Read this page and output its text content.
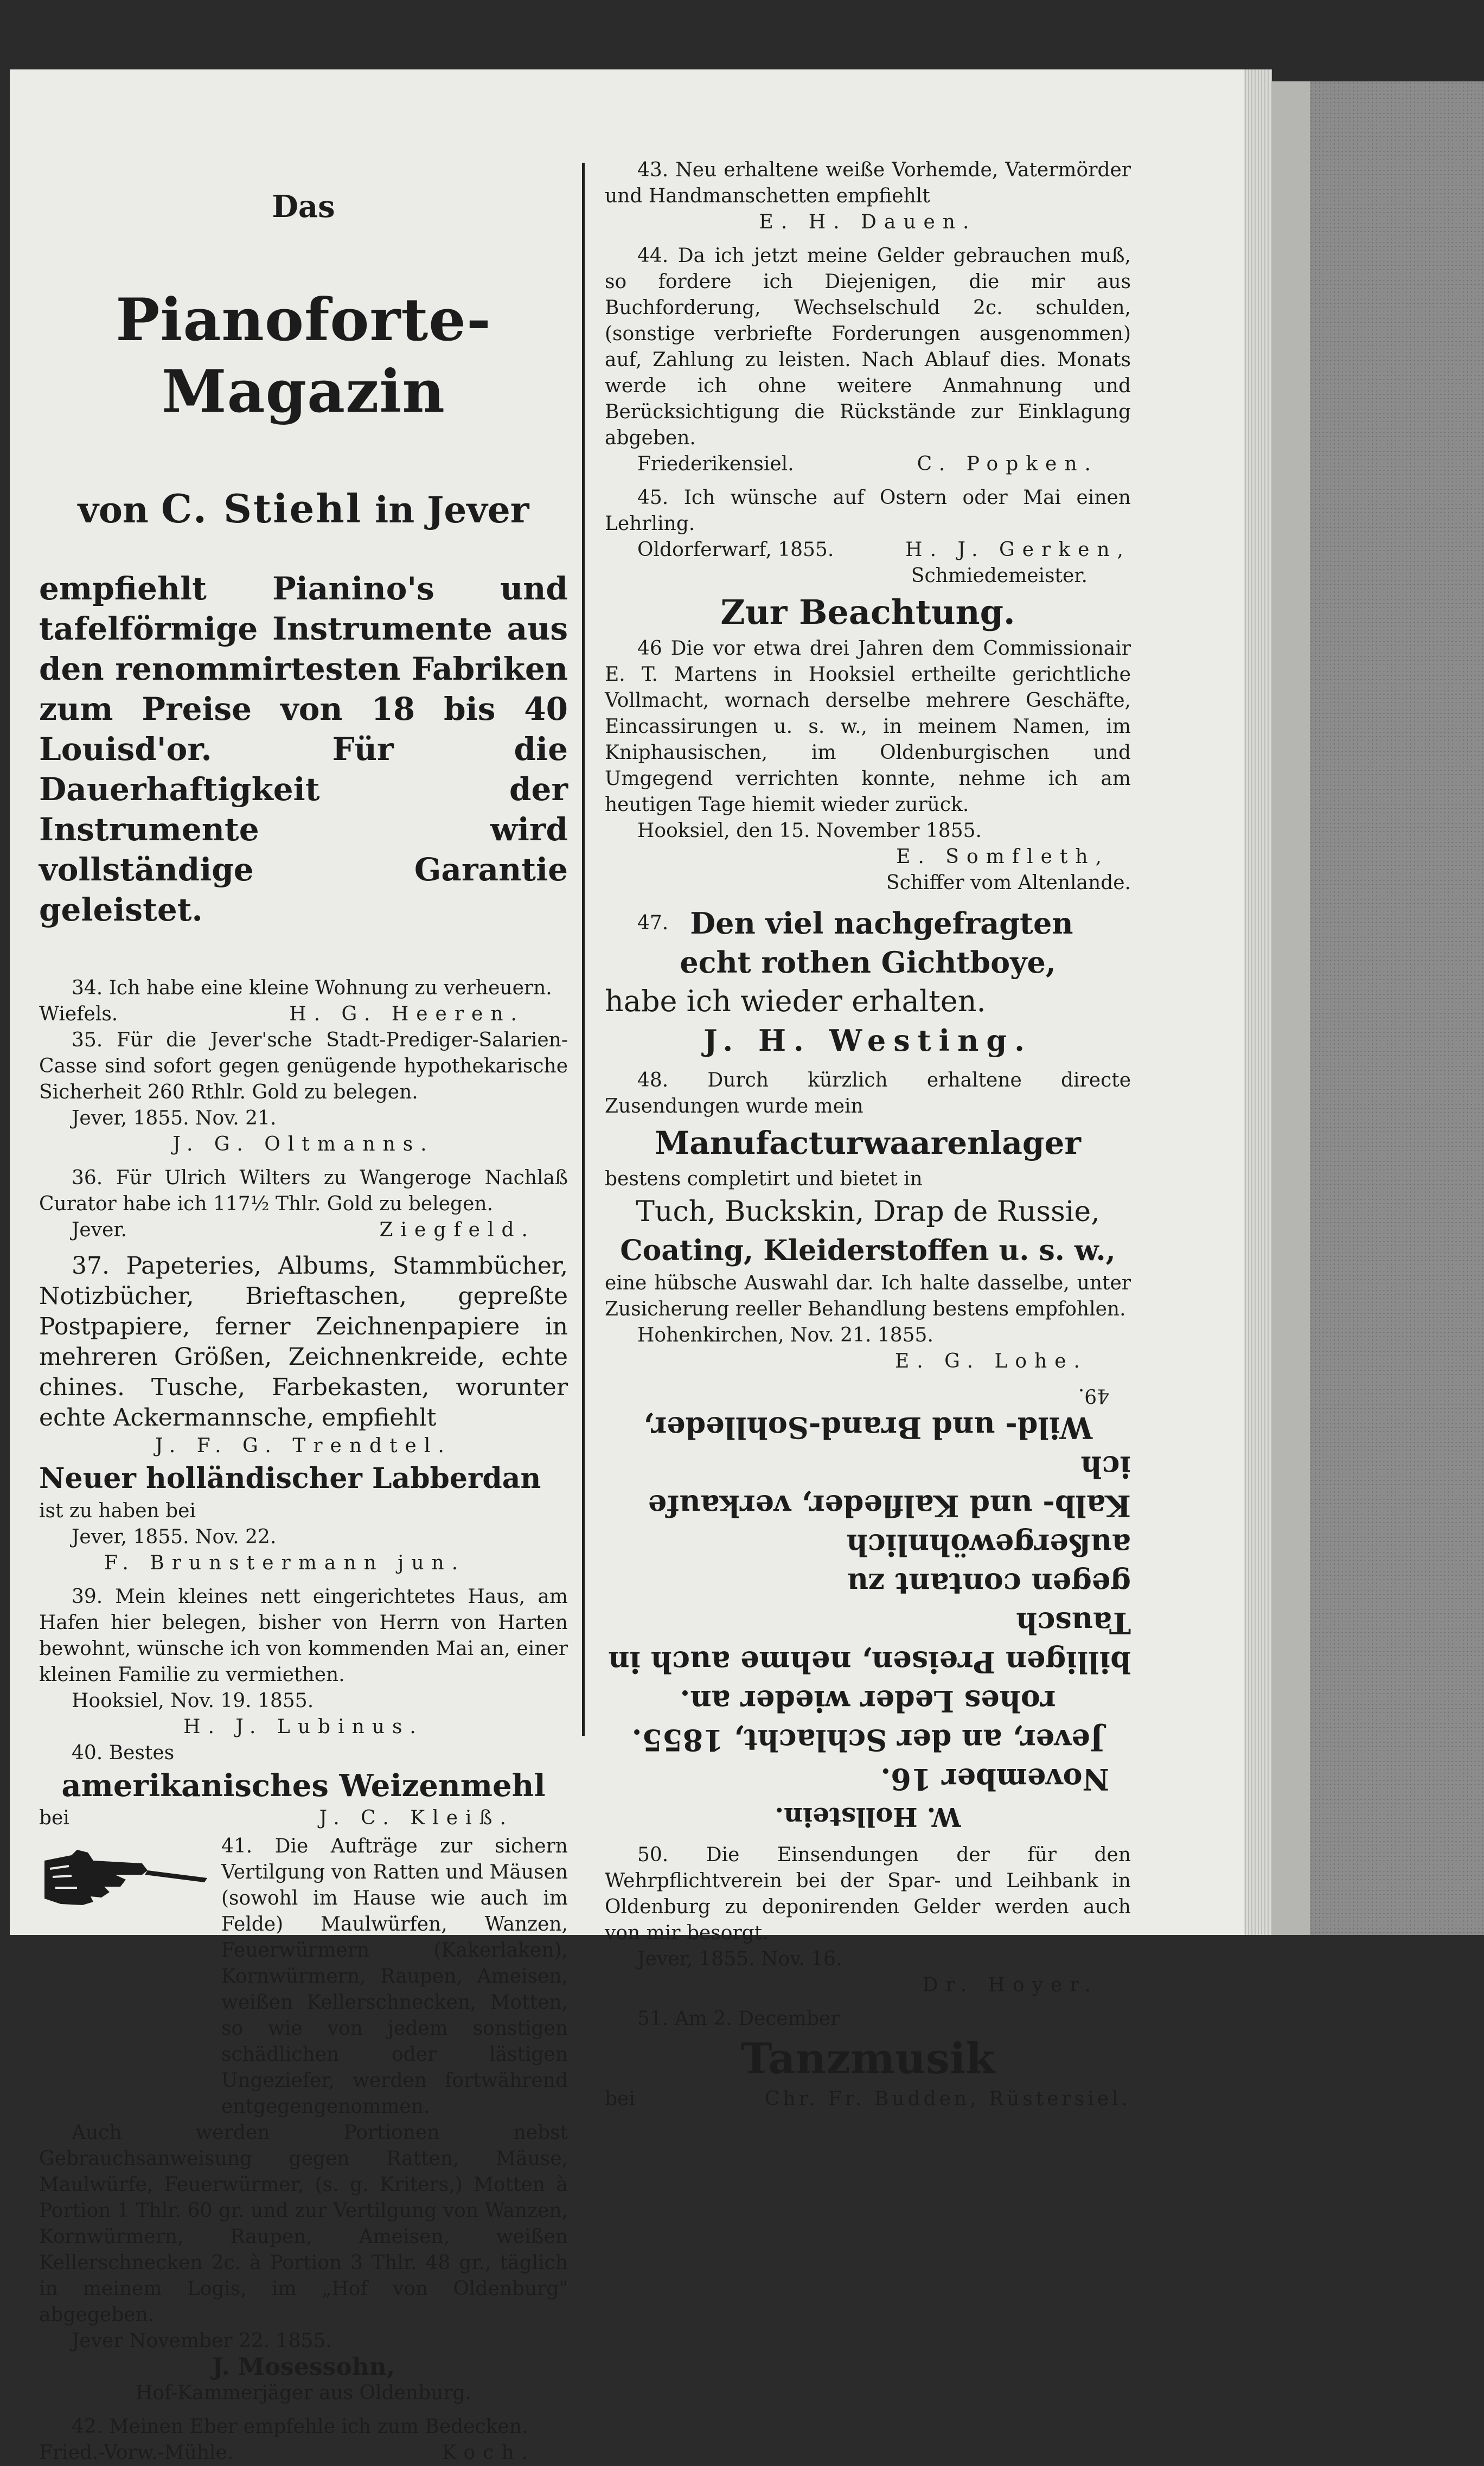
Das

Pianoforte-Magazin

von C. Stiehl in Jever

empfiehlt Pianino's und tafelförmige Instrumente aus den renommirtesten Fabriken zum Preise von 18 bis 40 Louisd'or. Für die Dauerhaftigkeit der Instrumente wird vollständige Garantie geleistet.

34. Ich habe eine kleine Wohnung zu verheuern.

Wiefels.	H. G. Heeren.

35. Für die Jever'sche Stadt-Prediger-Salarien-Casse sind sofort gegen genügende hypothekarische Sicherheit 260 Rthlr. Gold zu belegen.

Jever, 1855. Nov. 21.

J. G. Oltmanns.

36. Für Ulrich Wilters zu Wangeroge Nachlaß Curator habe ich 117½ Thlr. Gold zu belegen.

Jever.	Ziegfeld.

37. Papeteries, Albums, Stammbücher, Notizbücher, Brieftaschen, gepreßte Postpapiere, ferner Zeichnenpapiere in mehreren Größen, Zeichnenkreide, echte chines. Tusche, Farbekasten, worunter echte Ackermannsche, empfiehlt

J. F. G. Trendtel.

Neuer holländischer Labberdan

ist zu haben bei

Jever, 1855. Nov. 22.

F. Brunstermann jun.

39. Mein kleines nett eingerichtetes Haus, am Hafen hier belegen, bisher von Herrn von Harten bewohnt, wünsche ich von kommenden Mai an, einer kleinen Familie zu vermiethen.

Hooksiel, Nov. 19. 1855.

H. J. Lubinus.

40. Bestes

amerikanisches Weizenmehl

bei	J. C. Kleiß.

41. Die Aufträge zur sichern Vertilgung von Ratten und Mäusen (sowohl im Hause wie auch im Felde) Maulwürfen, Wanzen, Feuerwürmern (Kakerlaken), Kornwürmern, Raupen, Ameisen, weißen Kellerschnecken, Motten, so wie von jedem sonstigen schädlichen oder lästigen Ungeziefer, werden fortwährend entgegengenommen.

Auch werden Portionen nebst Gebrauchsanweisung gegen Ratten, Mäuse, Maulwürfe, Feuerwürmer, (s. g. Kriters,) Motten à Portion 1 Thlr. 60 gr. und zur Vertilgung von Wanzen, Kornwürmern, Raupen, Ameisen, weißen Kellerschnecken 2c. à Portion 3 Thlr. 48 gr., täglich in meinem Logis, im „Hof von Oldenburg" abgegeben.

Jever November 22. 1855.

J. Mosessohn,

Hof-Kammerjäger aus Oldenburg.

42. Meinen Eber empfehle ich zum Bedecken.

Fried.-Vorw.-Mühle.	Koch.

43. Neu erhaltene weiße Vorhemde, Vatermörder und Handmanschetten empfiehlt

E. H. Dauen.

44. Da ich jetzt meine Gelder gebrauchen muß, so fordere ich Diejenigen, die mir aus Buchforderung, Wechselschuld 2c. schulden, (sonstige verbriefte Forderungen ausgenommen) auf, Zahlung zu leisten. Nach Ablauf dies. Monats werde ich ohne weitere Anmahnung und Berücksichtigung die Rückstände zur Einklagung abgeben.

Friederikensiel.	C. Popken.

45. Ich wünsche auf Ostern oder Mai einen Lehrling.

Oldorferwarf, 1855.	H. J. Gerken,

Schmiedemeister.

Zur Beachtung.

46 Die vor etwa drei Jahren dem Commissionair E. T. Martens in Hooksiel ertheilte gerichtliche Vollmacht, wornach derselbe mehrere Geschäfte, Eincassirungen u. s. w., in meinem Namen, im Kniphausischen, im Oldenburgischen und Umgegend verrichten konnte, nehme ich am heutigen Tage hiemit wieder zurück.

Hooksiel, den 15. November 1855.

E. Somfleth,

Schiffer vom Altenlande.

47. Den viel nachgefragten

echt rothen Gichtboye,

habe ich wieder erhalten.

J. H. Westing.

48. Durch kürzlich erhaltene directe Zusendungen wurde mein

Manufacturwaarenlager

bestens completirt und bietet in

Tuch, Buckskin, Drap de Russie,

Coating, Kleiderstoffen u. s. w.,

eine hübsche Auswahl dar. Ich halte dasselbe, unter Zusicherung reeller Behandlung bestens empfohlen.

Hohenkirchen, Nov. 21. 1855.

E. G. Lohe.

W. Hollstein.

November 16.

Jever, an der Schlacht, 1855.

rohes Leder wieder an.

billigen Preisen, nehme auch in Tausch

gegen contant zu außergewöhnlich

Kalb- und Kalfleder, verkaufe ich

Wild- und Brand-Sohlleder,

49.

50. Die Einsendungen der für den Wehrpflichtverein bei der Spar- und Leihbank in Oldenburg zu deponirenden Gelder werden auch von mir besorgt.

Jever, 1855. Nov. 16.

Dr. Hoyer.

51. Am 2. December

Tanzmusik

bei	Chr. Fr. Budden, Rüstersiel.
